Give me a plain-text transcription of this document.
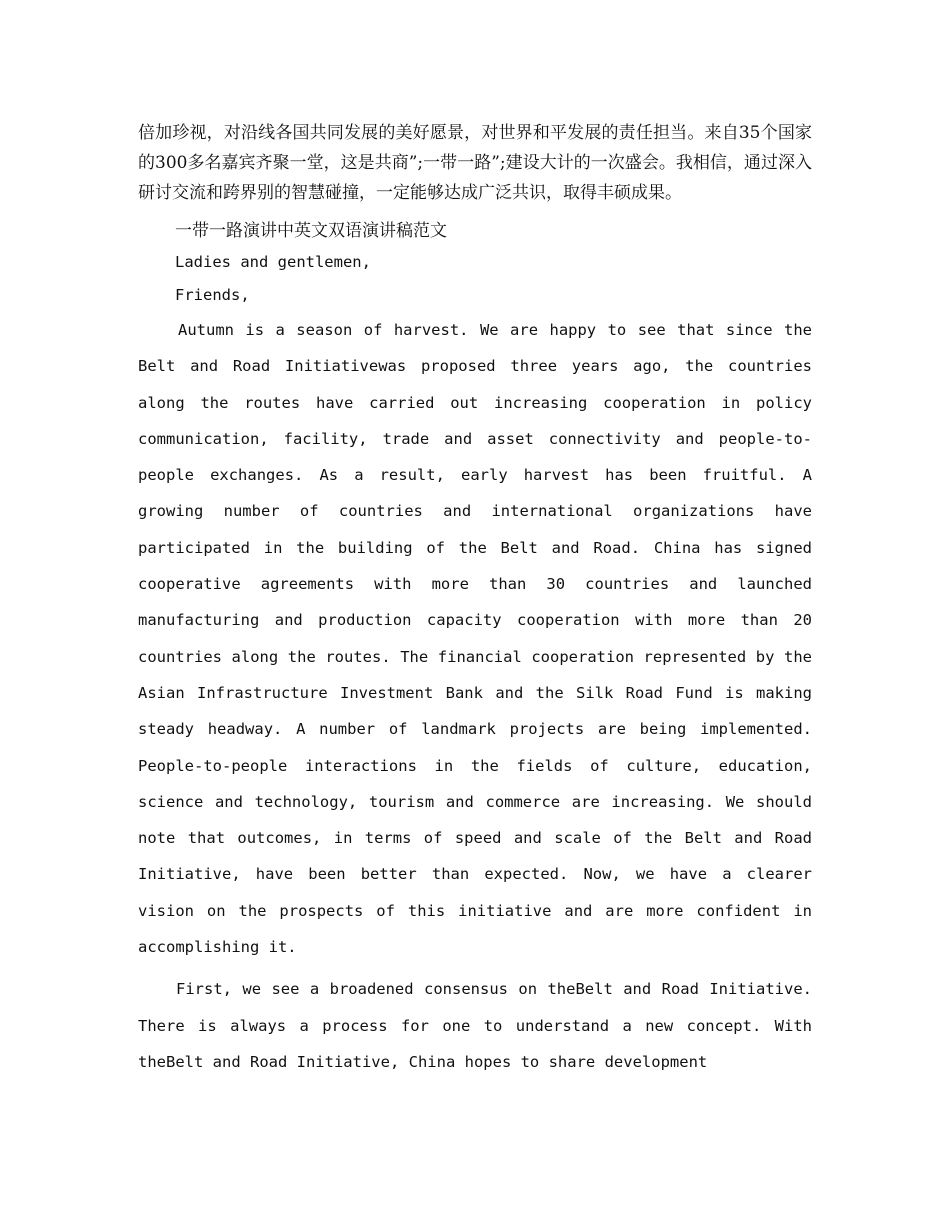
倍加珍视，对沿线各国共同发展的美好愿景，对世界和平发展的责任担当。来自35个国家的300多名嘉宾齐聚一堂，这是共商”;一带一路”;建设大计的一次盛会。我相信，通过深入研讨交流和跨界别的智慧碰撞，一定能够达成广泛共识，取得丰硕成果。

一带一路演讲中英文双语演讲稿范文

Ladies and gentlemen,

Friends,

Autumn is a season of harvest. We are happy to see that since the Belt and Road Initiativewas proposed three years ago, the countries along the routes have carried out increasing cooperation in policy communication, facility, trade and asset connectivity and people-to-people exchanges. As a result, early harvest has been fruitful. A growing number of countries and international organizations have participated in the building of the Belt and Road. China has signed cooperative agreements with more than 30 countries and launched manufacturing and production capacity cooperation with more than 20 countries along the routes. The financial cooperation represented by the Asian Infrastructure Investment Bank and the Silk Road Fund is making steady headway. A number of landmark projects are being implemented. People-to-people interactions in the fields of culture, education, science and technology, tourism and commerce are increasing. We should note that outcomes, in terms of speed and scale of the Belt and Road Initiative, have been better than expected. Now, we have a clearer vision on the prospects of this initiative and are more confident in accomplishing it.

First, we see a broadened consensus on theBelt and Road Initiative. There is always a process for one to understand a new concept. With theBelt and Road Initiative, China hopes to share development
